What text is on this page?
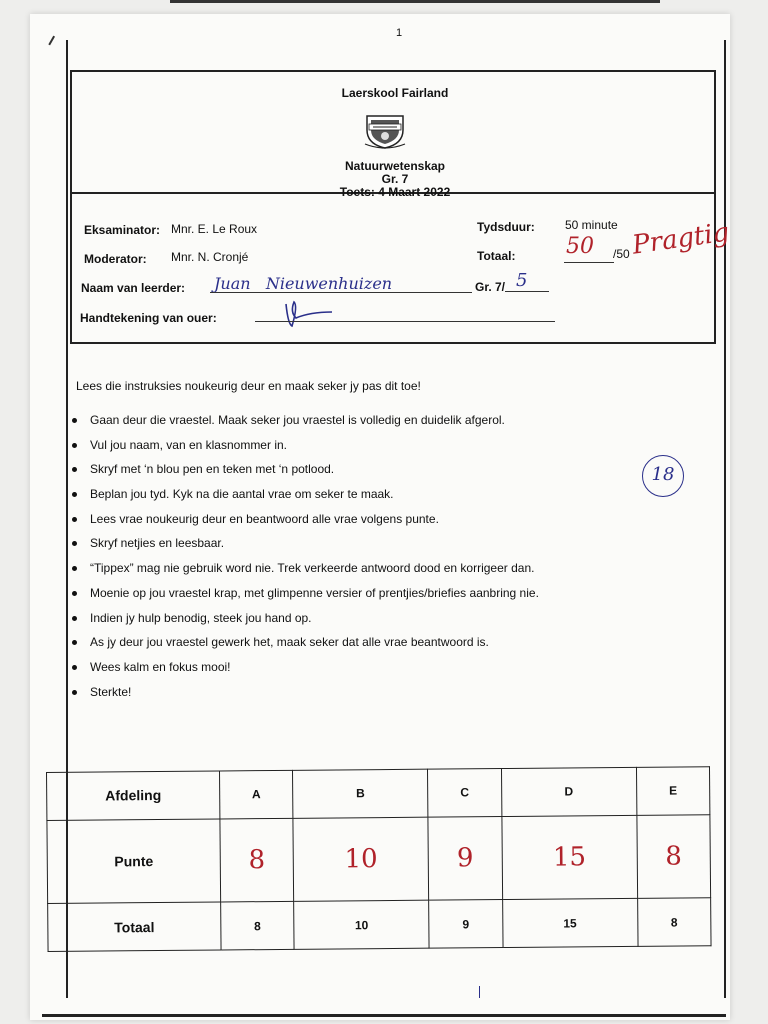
1
Laerskool Fairland
Natuurwetenskap
Gr. 7
Toets: 4 Maart 2022
Eksaminator: Mnr. E. Le Roux	Tydsduur:	50 minute
Moderator: Mnr. N. Cronjé	Totaal: 50 /50 Pragtig
Naam van leerder: Juan   Nieuwenhuizen	Gr. 7/ 5
Handtekening van ouer:
Lees die instruksies noukeurig deur en maak seker jy pas dit toe!
Gaan deur die vraestel. Maak seker jou vraestel is volledig en duidelik afgerol.
Vul jou naam, van en klasnommer in.
Skryf met ‘n blou pen en teken met ‘n potlood.
Beplan jou tyd. Kyk na die aantal vrae om seker te maak.
Lees vrae noukeurig deur en beantwoord alle vrae volgens punte.
Skryf netjies en leesbaar.
“Tippex” mag nie gebruik word nie. Trek verkeerde antwoord dood en korrigeer dan.
Moenie op jou vraestel krap, met glimpenne versier of prentjies/briefies aanbring nie.
Indien jy hulp benodig, steek jou hand op.
As jy deur jou vraestel gewerk het, maak seker dat alle vrae beantwoord is.
Wees kalm en fokus mooi!
Sterkte!
18
Afdeling	A	B	C	D	E
Punte	8	10	9	15	8
Totaal	8	10	9	15	8
